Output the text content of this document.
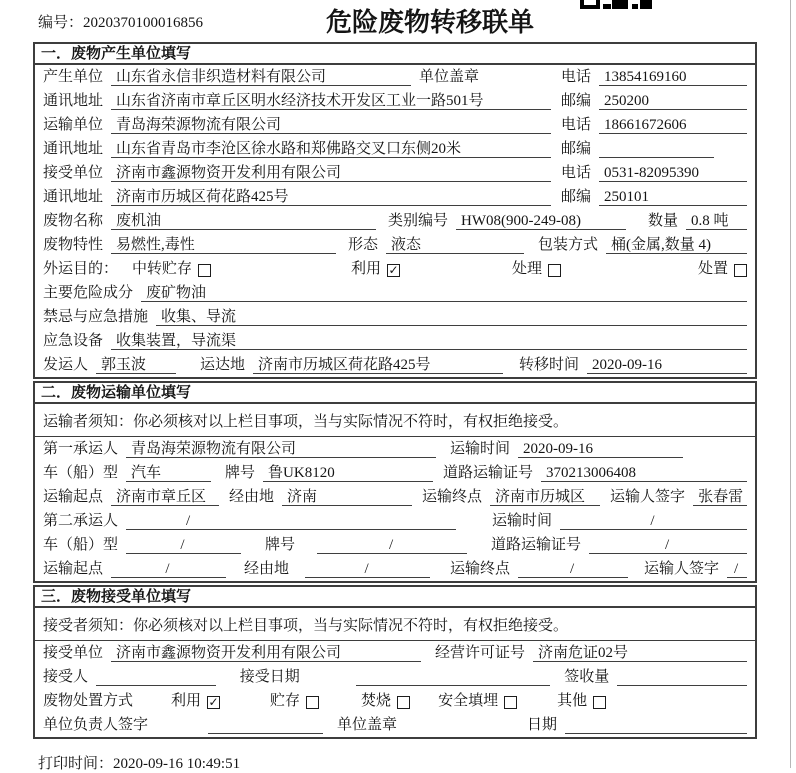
编号：2020370100016856	危险废物转移联单
一．废物产生单位填写
产生单位 山东省永信非织造材料有限公司	单位盖章	电话 13854169160
通讯地址 山东省济南市章丘区明水经济技术开发区工业一路501号	邮编 250200
运输单位 青岛海荣源物流有限公司	电话 18661672606
通讯地址 山东省青岛市李沧区徐水路和郑佛路交叉口东侧20米	邮编
接受单位 济南市鑫源物资开发利用有限公司	电话 0531-82095390
通讯地址 济南市历城区荷花路425号	邮编 250101
废物名称 废机油	类别编号 HW08(900-249-08)	数量 0.8 吨
废物特性 易燃性,毒性	形态 液态	包装方式 桶(金属,数量 4)
外运目的： 中转贮存	利用 ✓	处理	处置
主要危险成分 废矿物油
禁忌与应急措施 收集、导流
应急设备 收集装置，导流渠
发运人 郭玉波	运达地 济南市历城区荷花路425号	转移时间 2020-09-16
二．废物运输单位填写
运输者须知：你必须核对以上栏目事项，当与实际情况不符时，有权拒绝接受。
第一承运人 青岛海荣源物流有限公司	运输时间 2020-09-16
车（船）型 汽车	牌号 鲁UK8120	道路运输证号 370213006408
运输起点 济南市章丘区	经由地 济南	运输终点 济南市历城区	运输人签字 张春雷
第二承运人	/	运输时间	/
车（船）型	/	牌号	/	道路运输证号	/
运输起点	/	经由地	/	运输终点	/	运输人签字 /
三．废物接受单位填写
接受者须知：你必须核对以上栏目事项，当与实际情况不符时，有权拒绝接受。
接受单位 济南市鑫源物资开发利用有限公司	经营许可证号 济南危证02号
接受人	接受日期	签收量
废物处置方式	利用 ✓	贮存	焚烧	安全填埋	其他
单位负责人签字	单位盖章	日期
打印时间：2020-09-16 10:49:51
